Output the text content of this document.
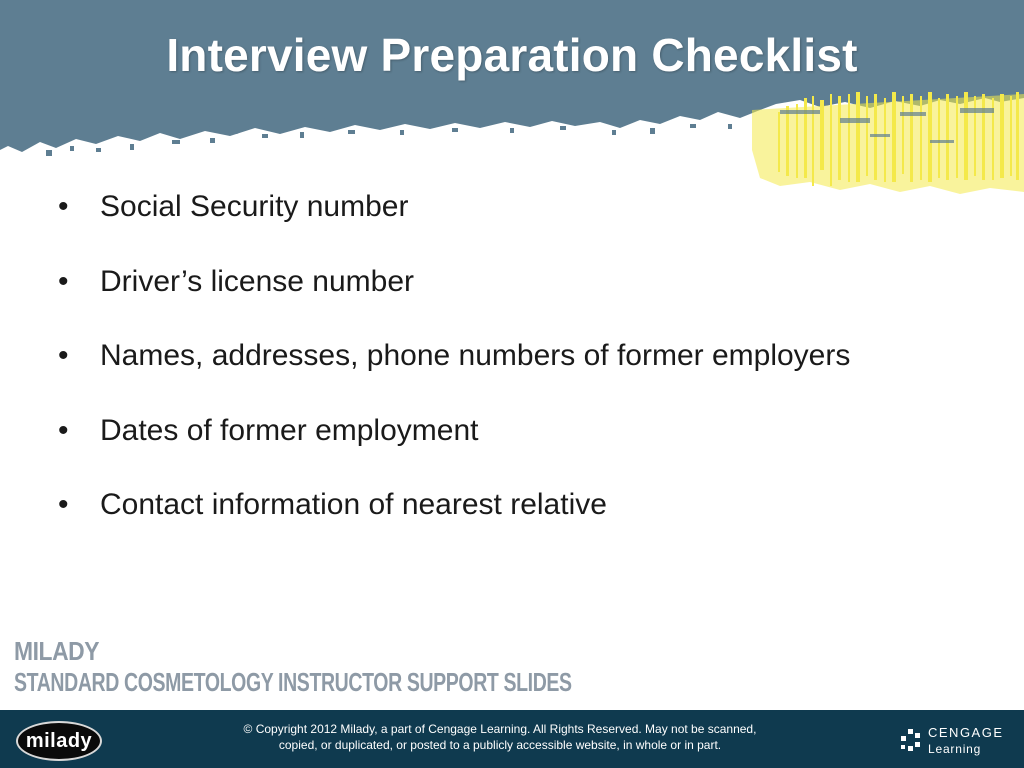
Interview Preparation Checklist
•	Social Security number
•	Driver’s license number
•	Names, addresses, phone numbers of former employers
•	Dates of former employment
•	Contact information of nearest relative
MILADY
STANDARD COSMETOLOGY INSTRUCTOR SUPPORT SLIDES
milady

© Copyright 2012 Milady, a part of Cengage Learning. All Rights Reserved. May not be scanned,
copied, or duplicated, or posted to a publicly accessible website, in whole or in part.

CENGAGE
Learning
